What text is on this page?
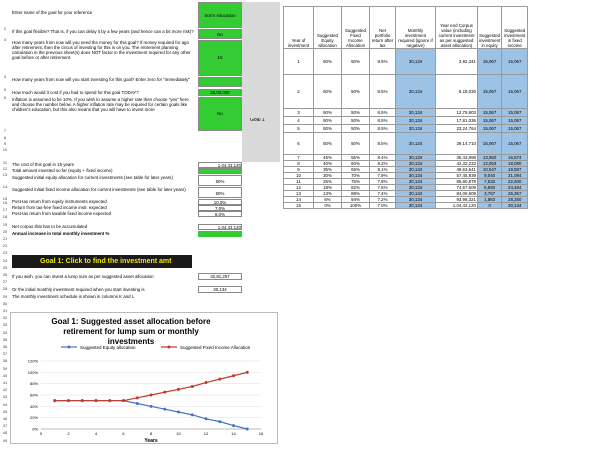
2
3
4
5
6
7
8
9
10
11
12
13
14
15
16
17
18
19
20
21
22
23
24
25
26
27
28
29
30
31
32
33
34
35
36
37
38
39
40
41
42
43
44
45
46
47
48
49
Enter name of the goal for your reference
Son's education
If this goal flexible? That is, if you can delay it by a few years (and hence can a bit more risk)?
No
How many years from now will you need the money for this goal? If money required for ago after retirement, then the circus of investing for this is on you. The retirement planning calculation in the previous sheet(s) does NOT factor in the investment required for any other goal before or after retirement.	15
How many years from now will you start investing for this goal? Enter zero for "immediately"
How much would it cost if you had to spend for this goal TODAY?	25,00,000
Goal 1
Inflation is assumed to be 10%. If you wish to assume a higher rate then choose "yes" here and choose the number below. A higher inflation rate may be required for certain goals like children's education, but this also means that you will have to invest more
No
The cost of this goal in 15 years	1,04,43,120
Total amount invested so far (equity + fixed income)
Suggested initial equity allocation for current investments (see table for later years)
50%
Suggested initial fixed income allocation for current investments (see table for later years)
50%
Post-tax return from equity instruments expected	10.0%
Return from tax-free fixed income instr. expected	7.0%
Post-tax return from taxable fixed income expected	8.0%
Net corpus that has to be accumulated	1,04,43,120
Annual increase in total monthly investment %
Goal 1: Click to find the investment amt
If you wish, you can invest a lump sum as per suggested asset allocation	32,81,257
Or the initial monthly investment required when you start investing is	30,134
The monthly investment schedule is shown in columns K and L
Goal 1: Suggested asset allocation before retirement for lump sum or monthly investments
Suggested Equity allocation	Suggested Fixed Income Allocation
0%
20%
40%
60%
80%
100%
120%
0	2	4	6	8	10	12	14	16
Years
Year of investment	Suggested Equity allocation	Suggested Fixed Income Allocation	Net portfolio return after tax	Monthly investment required (ignore if negative)	Year end Corpus value (including current investment as per suggested asset allocation)	Suggested investment in equity	Suggested investment in fixed income
1	50%	50%	8.5%	30,134	3,92,341	15,067	15,067
2	50%	50%	8.5%	30,134	8,18,030	15,067	15,067
3	50%	50%	8.5%	30,134	12,79,903	15,067	15,067
4	50%	50%	8.5%	30,134	17,81,036	15,067	15,067
5	50%	50%	8.5%	30,134	23,24,764	15,067	15,067
6	50%	50%	8.5%	30,134	29,14,710	15,067	15,067
7	45%	55%	8.4%	30,134	35,43,898	13,560	16,574
8	40%	60%	8.2%	30,134	42,32,233	12,053	18,080
9	35%	65%	8.1%	30,134	49,63,641	10,547	19,587
10	30%	70%	7.9%	30,134	57,45,939	9,040	21,094
11	25%	75%	7.8%	30,134	65,80,878	7,533	22,600
12	18%	82%	7.6%	30,134	74,67,509	5,650	24,484
13	13%	88%	7.4%	30,134	84,06,509	3,767	26,367
14	6%	94%	7.2%	30,134	93,98,321	1,883	28,250
15	0%	100%	7.0%	30,134	1,04,43,120	0	30,134
